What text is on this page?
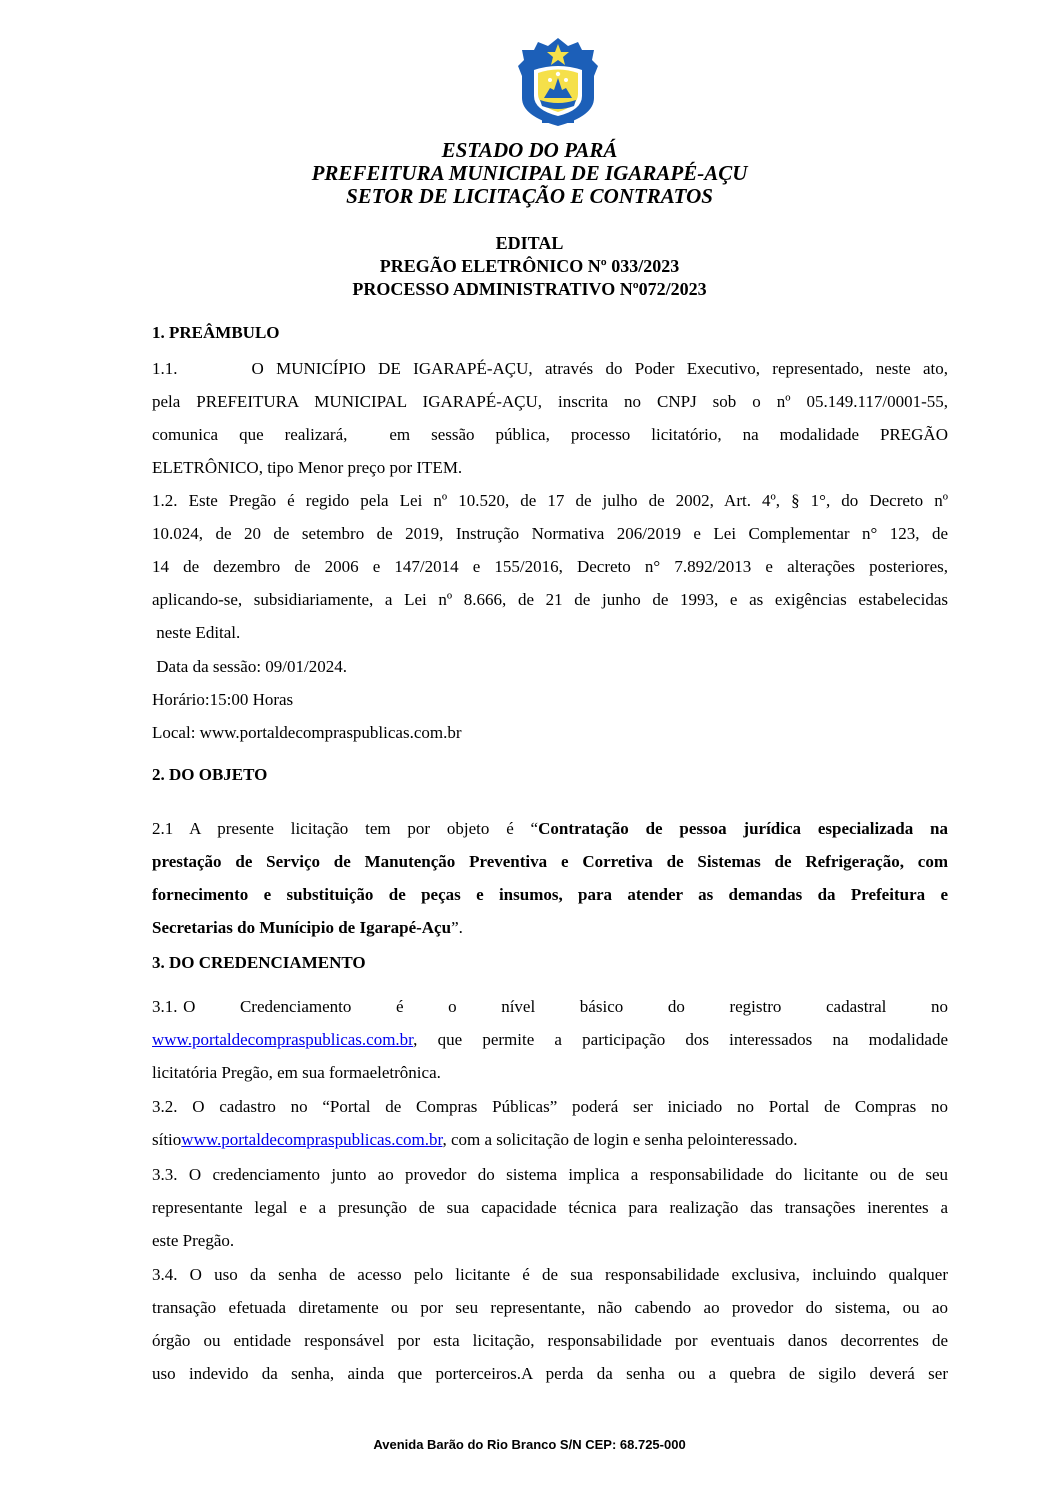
ESTADO DO PARÁ
PREFEITURA MUNICIPAL DE IGARAPÉ-AÇU
SETOR DE LICITAÇÃO E CONTRATOS
EDITAL
PREGÃO ELETRÔNICO Nº 033/2023
PROCESSO ADMINISTRATIVO Nº072/2023
1. PREÂMBULO
1.1.      O MUNICÍPIO DE IGARAPÉ-AÇU, através do Poder Executivo, representado, neste ato,
pela PREFEITURA MUNICIPAL IGARAPÉ-AÇU, inscrita no CNPJ sob o nº 05.149.117/0001-55,
comunica que realizará,  em sessão pública, processo licitatório, na modalidade PREGÃO
ELETRÔNICO, tipo Menor preço por ITEM.
1.2. Este Pregão é regido pela Lei nº 10.520, de 17 de julho de 2002, Art. 4º, § 1°, do Decreto nº
10.024, de 20 de setembro de 2019, Instrução Normativa 206/2019 e Lei Complementar n° 123, de
14 de dezembro de 2006 e 147/2014 e 155/2016, Decreto n° 7.892/2013 e alterações posteriores,
aplicando-se, subsidiariamente, a Lei nº 8.666, de 21 de junho de 1993, e as exigências estabelecidas
neste Edital.
Data da sessão: 09/01/2024.
Horário:15:00 Horas
Local: www.portaldecompraspublicas.com.br
2. DO OBJETO
2.1 A presente licitação tem por objeto é “Contratação de pessoa jurídica especializada na
prestação de Serviço de Manutenção Preventiva e Corretiva de Sistemas de Refrigeração, com
fornecimento e substituição de peças e insumos, para atender as demandas da Prefeitura e
Secretarias do Munícipio de Igarapé-Açu”.
3. DO CREDENCIAMENTO
3.1. O        Credenciamento        é        o        nível        básico        do        registro        cadastral        no
www.portaldecompraspublicas.com.br, que permite a participação dos interessados na modalidade
licitatória Pregão, em sua formaeletrônica.
3.2. O cadastro no “Portal de Compras Públicas” poderá ser iniciado no Portal de Compras no
sítiowww.portaldecompraspublicas.com.br, com a solicitação de login e senha pelointeressado.
3.3. O credenciamento junto ao provedor do sistema implica a responsabilidade do licitante ou de seu
representante legal e a presunção de sua capacidade técnica para realização das transações inerentes a
este Pregão.
3.4. O uso da senha de acesso pelo licitante é de sua responsabilidade exclusiva, incluindo qualquer
transação efetuada diretamente ou por seu representante, não cabendo ao provedor do sistema, ou ao
órgão ou entidade responsável por esta licitação, responsabilidade por eventuais danos decorrentes de
uso indevido da senha, ainda que porterceiros.A perda da senha ou a quebra de sigilo deverá ser
Avenida Barão do Rio Branco S/N CEP: 68.725-000
